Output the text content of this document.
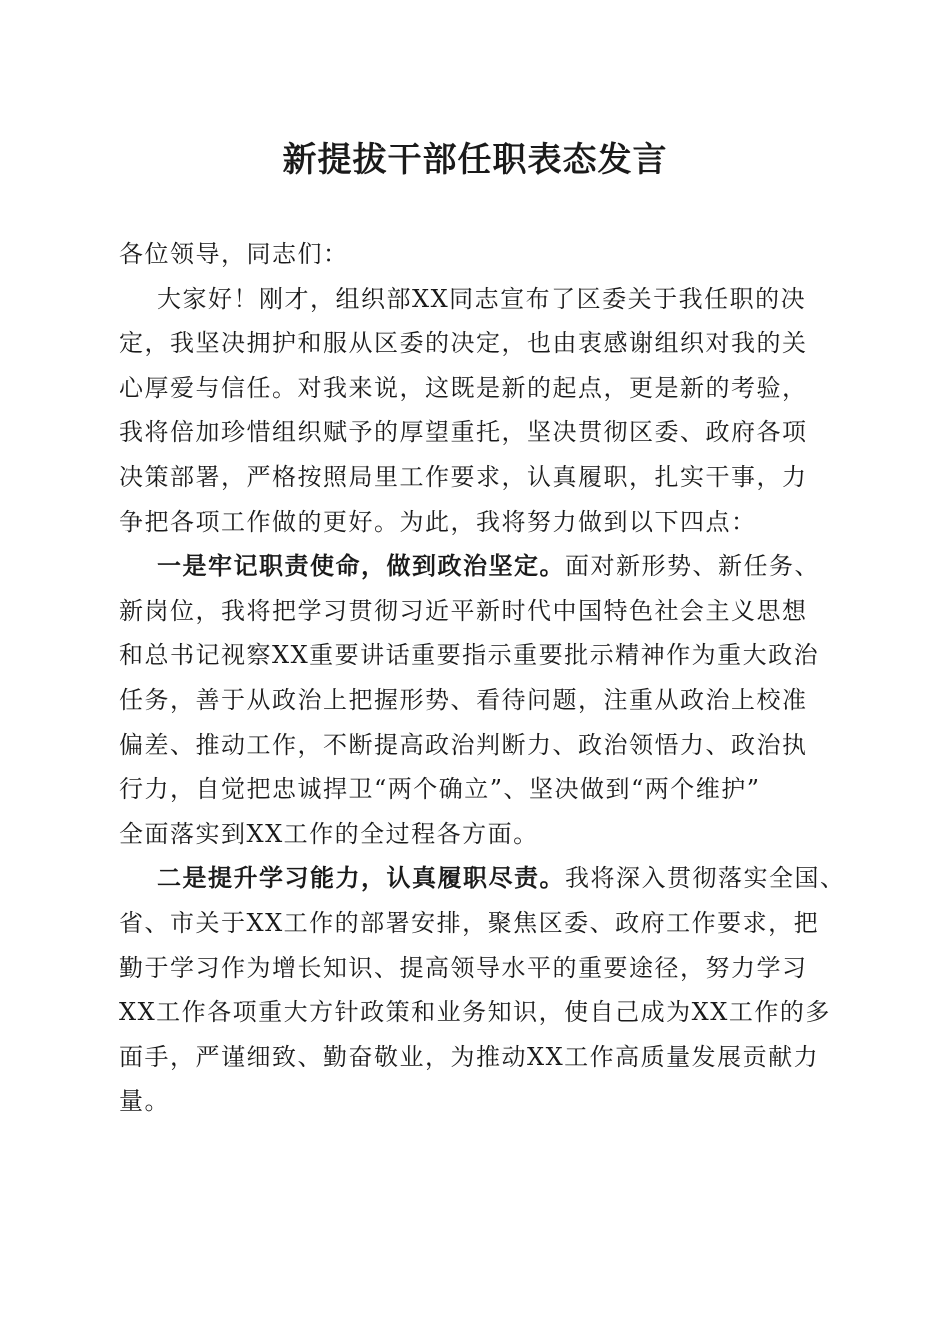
新提拔干部任职表态发言
各位领导，同志们：
大家好！刚才，组织部XX同志宣布了区委关于我任职的决
定，我坚决拥护和服从区委的决定，也由衷感谢组织对我的关
心厚爱与信任。对我来说，这既是新的起点，更是新的考验，
我将倍加珍惜组织赋予的厚望重托，坚决贯彻区委、政府各项
决策部署，严格按照局里工作要求，认真履职，扎实干事，力
争把各项工作做的更好。为此，我将努力做到以下四点：
一是牢记职责使命，做到政治坚定。面对新形势、新任务、
新岗位，我将把学习贯彻习近平新时代中国特色社会主义思想
和总书记视察XX重要讲话重要指示重要批示精神作为重大政治
任务，善于从政治上把握形势、看待问题，注重从政治上校准
偏差、推动工作，不断提高政治判断力、政治领悟力、政治执
行力，自觉把忠诚捍卫“两个确立”、坚决做到“两个维护”
全面落实到XX工作的全过程各方面。
二是提升学习能力，认真履职尽责。我将深入贯彻落实全国、
省、市关于XX工作的部署安排，聚焦区委、政府工作要求，把
勤于学习作为增长知识、提高领导水平的重要途径，努力学习
XX工作各项重大方针政策和业务知识，使自己成为XX工作的多
面手，严谨细致、勤奋敬业，为推动XX工作高质量发展贡献力
量。
